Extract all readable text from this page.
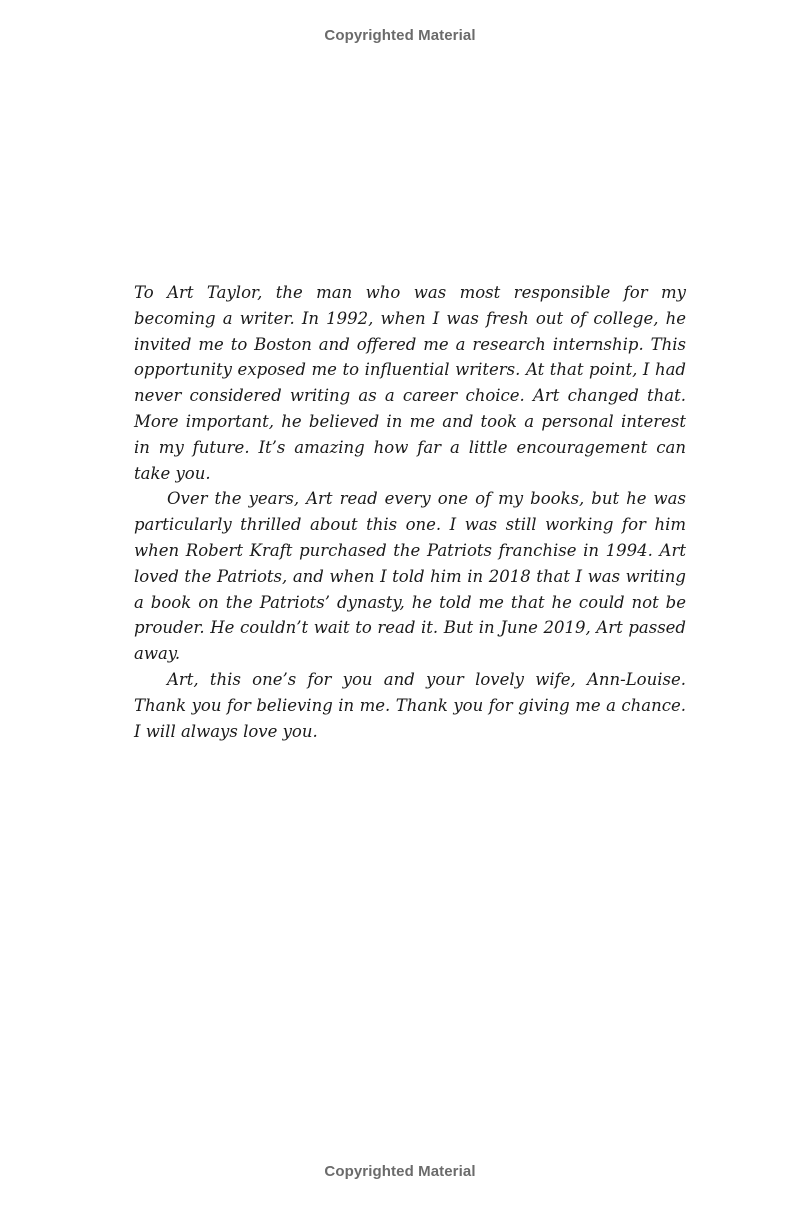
Copyrighted Material

To Art Taylor, the man who was most responsible for my becoming a writer. In 1992, when I was fresh out of college, he invited me to Boston and offered me a research internship. This opportunity exposed me to influential writers. At that point, I had never considered writing as a career choice. Art changed that. More important, he believed in me and took a personal interest in my future. It’s amazing how far a little encouragement can take you.

Over the years, Art read every one of my books, but he was particularly thrilled about this one. I was still working for him when Robert Kraft purchased the Patriots franchise in 1994. Art loved the Patriots, and when I told him in 2018 that I was writing a book on the Patriots’ dynasty, he told me that he could not be prouder. He couldn’t wait to read it. But in June 2019, Art passed away.

Art, this one’s for you and your lovely wife, Ann-Louise. Thank you for believing in me. Thank you for giving me a chance. I will always love you.

Copyrighted Material
